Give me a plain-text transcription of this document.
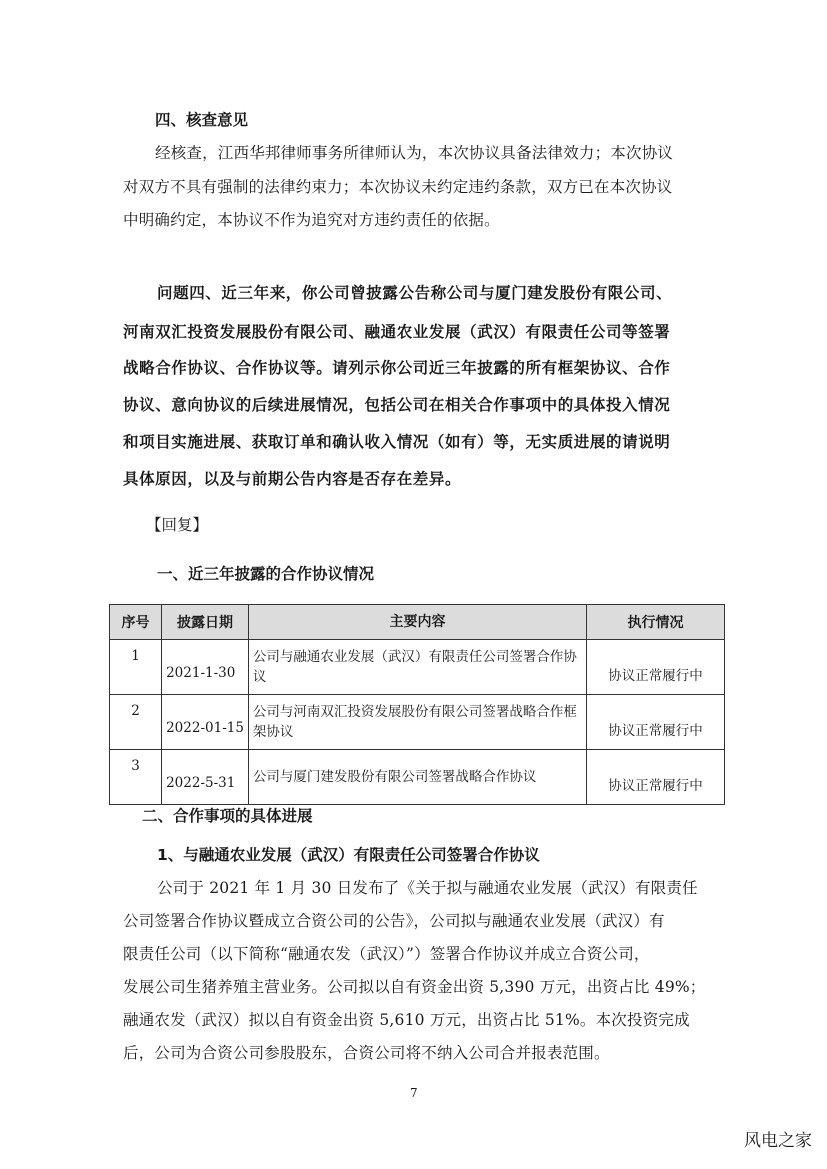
四、核查意见
经核查，江西华邦律师事务所律师认为，本次协议具备法律效力；本次协议
对双方不具有强制的法律约束力；本次协议未约定违约条款，双方已在本次协议
中明确约定，本协议不作为追究对方违约责任的依据。
问题四、近三年来，你公司曾披露公告称公司与厦门建发股份有限公司、
河南双汇投资发展股份有限公司、融通农业发展（武汉）有限责任公司等签署
战略合作协议、合作协议等。请列示你公司近三年披露的所有框架协议、合作
协议、意向协议的后续进展情况，包括公司在相关合作事项中的具体投入情况
和项目实施进展、获取订单和确认收入情况（如有）等，无实质进展的请说明
具体原因，以及与前期公告内容是否存在差异。
【回复】
一、近三年披露的合作协议情况
序号	披露日期	主要内容	执行情况
1	2021-1-30	公司与融通农业发展（武汉）有限责任公司签署合作协议	协议正常履行中

2	2022-01-15	公司与河南双汇投资发展股份有限公司签署战略合作框架协议	协议正常履行中

3	2022-5-31	公司与厦门建发股份有限公司签署战略合作协议	协议正常履行中
二、合作事项的具体进展
1、与融通农业发展（武汉）有限责任公司签署合作协议
公司于 2021 年 1 月 30 日发布了《关于拟与融通农业发展（武汉）有限责任
公司签署合作协议暨成立合资公司的公告》，公司拟与融通农业发展（武汉）有
限责任公司（以下简称“融通农发（武汉）”）签署合作协议并成立合资公司，
发展公司生猪养殖主营业务。公司拟以自有资金出资 5,390 万元，出资占比 49%；
融通农发（武汉）拟以自有资金出资 5,610 万元，出资占比 51%。本次投资完成
后，公司为合资公司参股股东，合资公司将不纳入公司合并报表范围。
7
风电之家
